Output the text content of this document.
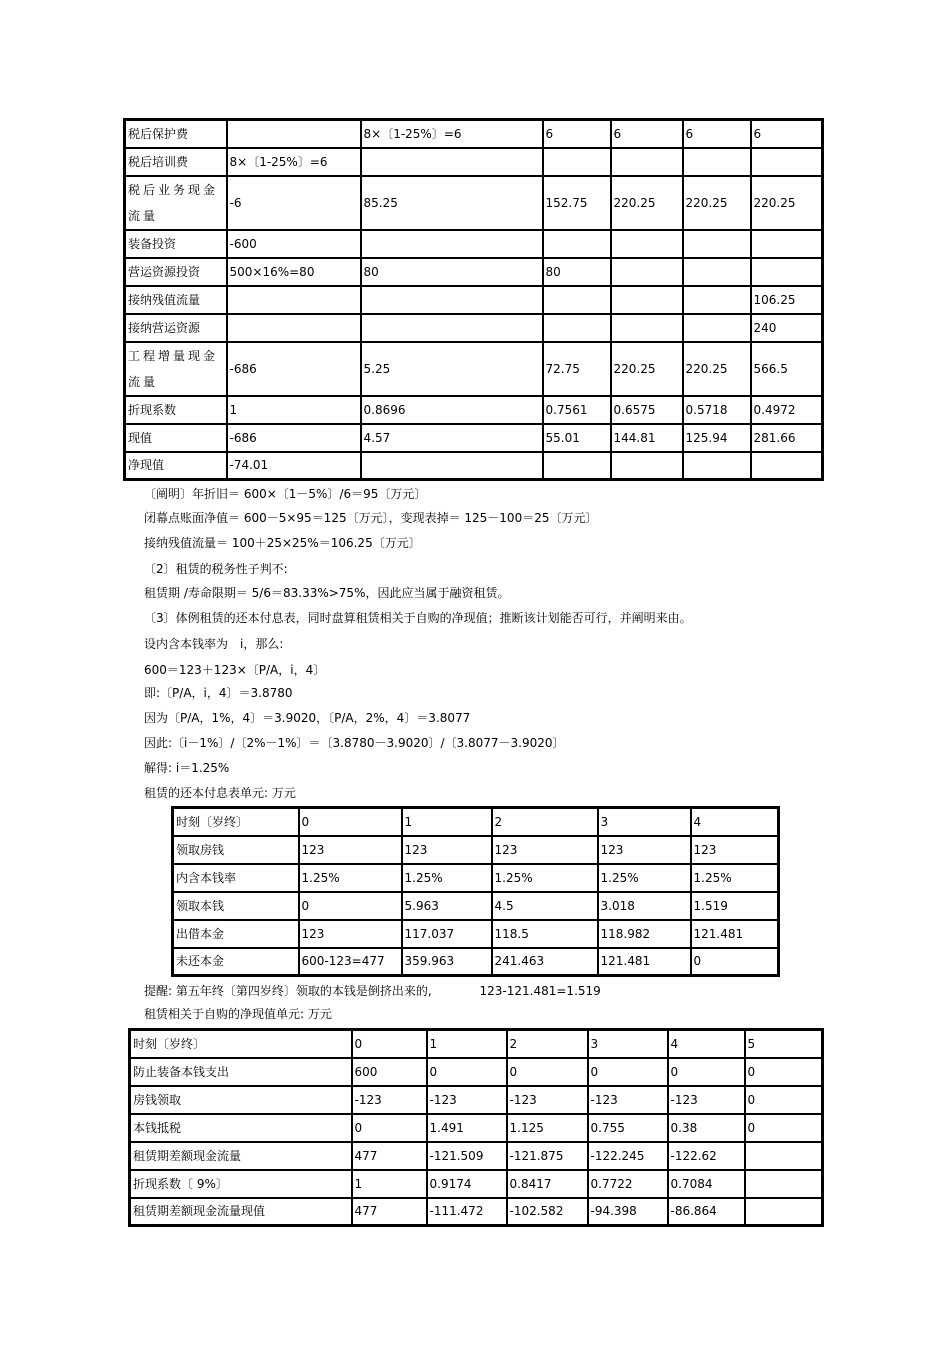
税后保护费		8×〔1-25%〕=6	6	6	6	6
税后培训费	8×〔1-25%〕=6					
税后业务现金流量	-6	85.25	152.75	220.25	220.25	220.25
装备投资	-600					
营运资源投资	500×16%=80	80	80			
接纳残值流量						106.25
接纳营运资源						240
工程增量现金流量	-686	5.25	72.75	220.25	220.25	566.5
折现系数	1	0.8696	0.7561	0.6575	0.5718	0.4972
现值	-686	4.57	55.01	144.81	125.94	281.66
净现值	-74.01					
〔阐明〕年折旧＝ 600×〔1－5%〕/6＝95〔万元〕
闭幕点账面净值＝ 600－5×95＝125〔万元〕，变现表掉＝ 125－100＝25〔万元〕
接纳残值流量＝ 100＋25×25%＝106.25〔万元〕
〔2〕租赁的税务性子判不:
租赁期 /寿命限期＝ 5/6＝83.33%>75%，因此应当属于融资租赁。
〔3〕体例租赁的还本付息表，同时盘算租赁相关于自购的净现值；推断该计划能否可行，并阐明来由。
设内含本钱率为　i，那么:
600＝123＋123×〔P/A，i，4〕
即:〔P/A，i，4〕＝3.8780
因为〔P/A，1%，4〕＝3.9020，〔P/A，2%，4〕＝3.8077
因此:〔i－1%〕/〔2%－1%〕＝〔3.8780－3.9020〕/〔3.8077－3.9020〕
解得: i＝1.25%
租赁的还本付息表单元: 万元
时刻〔岁终〕	0	1	2	3	4
领取房钱	123	123	123	123	123
内含本钱率	1.25%	1.25%	1.25%	1.25%	1.25%
领取本钱	0	5.963	4.5	3.018	1.519
出借本金	123	117.037	118.5	118.982	121.481
未还本金	600-123=477	359.963	241.463	121.481	0
提醒: 第五年终〔第四岁终〕领取的本钱是倒挤出来的,	123-121.481=1.519
租赁相关于自购的净现值单元: 万元
时刻〔岁终〕	0	1	2	3	4	5
防止装备本钱支出	600	0	0	0	0	0
房钱领取	-123	-123	-123	-123	-123	0
本钱抵税	0	1.491	1.125	0.755	0.38	0
租赁期差额现金流量	477	-121.509	-121.875	-122.245	-122.62	
折现系数〔 9%〕	1	0.9174	0.8417	0.7722	0.7084	
租赁期差额现金流量现值	477	-111.472	-102.582	-94.398	-86.864	
